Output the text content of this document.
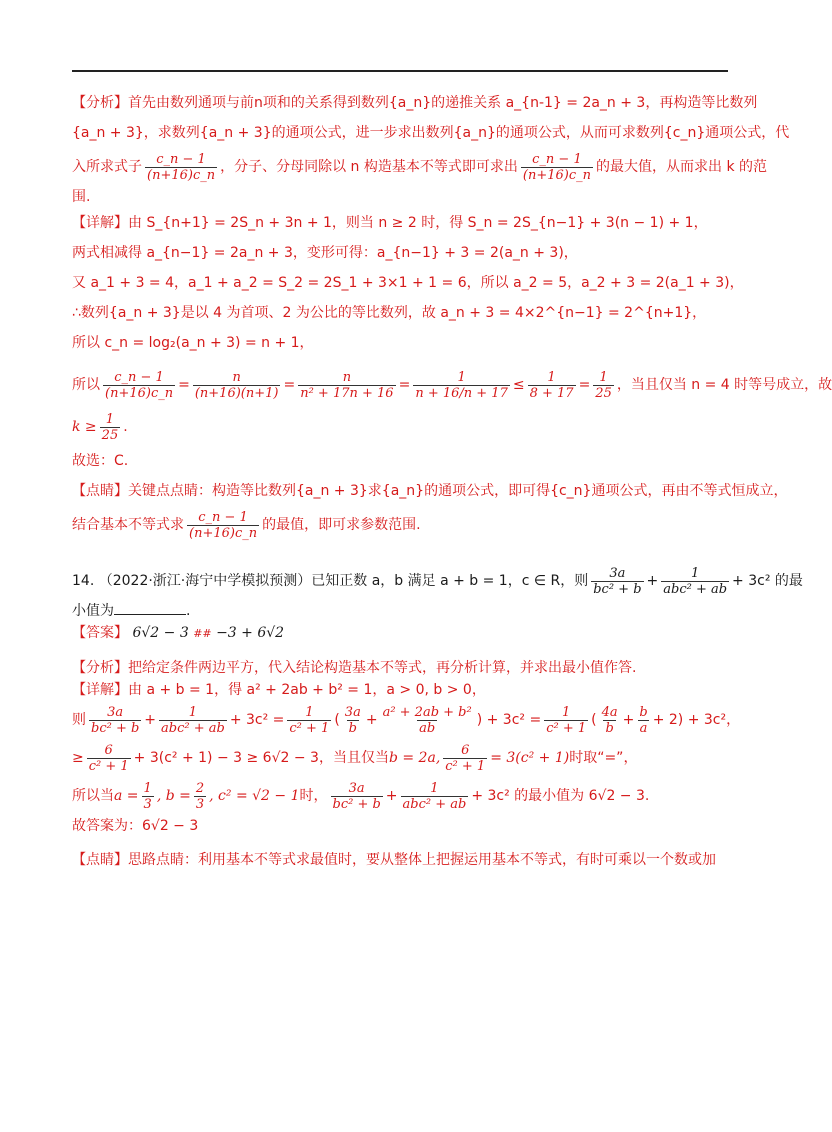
【分析】首先由数列通项与前n项和的关系得到数列{a_n}的递推关系 a_{n-1} = 2a_n + 3，再构造等比数列

{a_n + 3}，求数列{a_n + 3}的通项公式，进一步求出数列{a_n}的通项公式，从而可求数列{c_n}通项公式，代

入所求式子 $\frac{c\_n - 1}{(n+16)c\_n}$ ，分子、分母同除以 n 构造基本不等式即可求出 $\frac{c\_n - 1}{(n+16)c\_n}$ 的最大值，从而求出 k 的范

围.

【详解】由 S_{n+1} = 2S_n + 3n + 1，则当 n ≥ 2 时，得 S_n = 2S_{n−1} + 3(n − 1) + 1，

两式相减得 a_{n−1} = 2a_n + 3，变形可得：a_{n−1} + 3 = 2(a_n + 3)，

又 a_1 + 3 = 4，a_1 + a_2 = S_2 = 2S_1 + 3×1 + 1 = 6，所以 a_2 = 5，a_2 + 3 = 2(a_1 + 3)，

∴数列{a_n + 3}是以 4 为首项、2 为公比的等比数列，故 a_n + 3 = 4×2^{n−1} = 2^{n+1}，

所以 c_n = log₂(a_n + 3) = n + 1，

所以 $\frac{c\_n - 1}{(n+16)c\_n} = \frac{n}{(n+16)(n+1)} = \frac{n}{\text{n² + 17n + 16}} = \frac{1}{n + 16/n + 17} \le \frac{1}{8 + 17} = \frac{1}{25}$ ，当且仅当 n = 4 时等号成立，故

$k \ge \frac{1}{25}$ .

故选：C.

【点睛】关键点点睛：构造等比数列{a_n + 3}求{a_n}的通项公式，即可得{c_n}通项公式，再由不等式恒成立，

结合基本不等式求 $\frac{c\_n - 1}{(n+16)c\_n}$ 的最值，即可求参数范围.

14. （2022·浙江·海宁中学模拟预测）已知正数 a，b 满足 a + b = 1，c ∈ R，则 $\frac{3a}{\text{bc² + b}} + \frac{1}{\text{abc² + ab}} + 3c^2$ 的最

小值为	.

【答案】 6√2 − 3 ## −3 + 6√2

【分析】把给定条件两边平方，代入结论构造基本不等式，再分析计算，并求出最小值作答.

【详解】由 a + b = 1，得 a² + 2ab + b² = 1，a > 0, b > 0，

则 $\frac{3a}{\text{bc² + b}} + \frac{1}{\text{abc² + ab}} + 3c^2 = \frac{1}{\text{c² + 1}}$ ( $\frac{3a}{b} + \frac{\text{a² + 2ab + b²}}{ab}$ ) + $3c^2 = \frac{1}{\text{c² + 1}}$ ( $\frac{4a}{b} + \frac{b}{a} + 2) + 3c^2$，

≥ $\frac{6}{\text{c² + 1}} + 3(c^2 + 1) - 3 \ge 6√2 - 3$，当且仅当b = 2a, $\frac{6}{\text{c² + 1}} = 3(c^2 + 1)$时取“=”，

所以当$a = \frac{1}{3}$ , $b = \frac{2}{3}$ , c² = √2 − 1时， $\frac{3a}{\text{bc² + b}} + \frac{1}{\text{abc² + ab}} + 3c^2$ 的最小值为 6√2 − 3.

故答案为：6√2 − 3

【点睛】思路点睛：利用基本不等式求最值时，要从整体上把握运用基本不等式，有时可乘以一个数或加
